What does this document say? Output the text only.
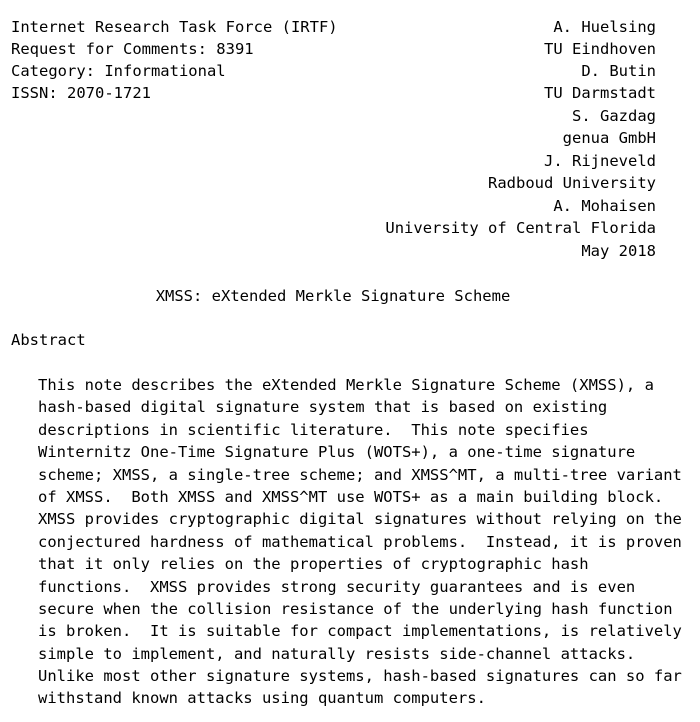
Internet Research Task Force (IRTF)
Request for Comments: 8391
Category: Informational
ISSN: 2070-1721
A. Huelsing
TU Eindhoven
D. Butin
TU Darmstadt
S. Gazdag
genua GmbH
J. Rijneveld
Radboud University
A. Mohaisen
University of Central Florida
May 2018
XMSS: eXtended Merkle Signature Scheme
Abstract
This note describes the eXtended Merkle Signature Scheme (XMSS), a
hash-based digital signature system that is based on existing
descriptions in scientific literature.  This note specifies
Winternitz One-Time Signature Plus (WOTS+), a one-time signature
scheme; XMSS, a single-tree scheme; and XMSS^MT, a multi-tree variant
of XMSS.  Both XMSS and XMSS^MT use WOTS+ as a main building block.
XMSS provides cryptographic digital signatures without relying on the
conjectured hardness of mathematical problems.  Instead, it is proven
that it only relies on the properties of cryptographic hash
functions.  XMSS provides strong security guarantees and is even
secure when the collision resistance of the underlying hash function
is broken.  It is suitable for compact implementations, is relatively
simple to implement, and naturally resists side-channel attacks.
Unlike most other signature systems, hash-based signatures can so far
withstand known attacks using quantum computers.
